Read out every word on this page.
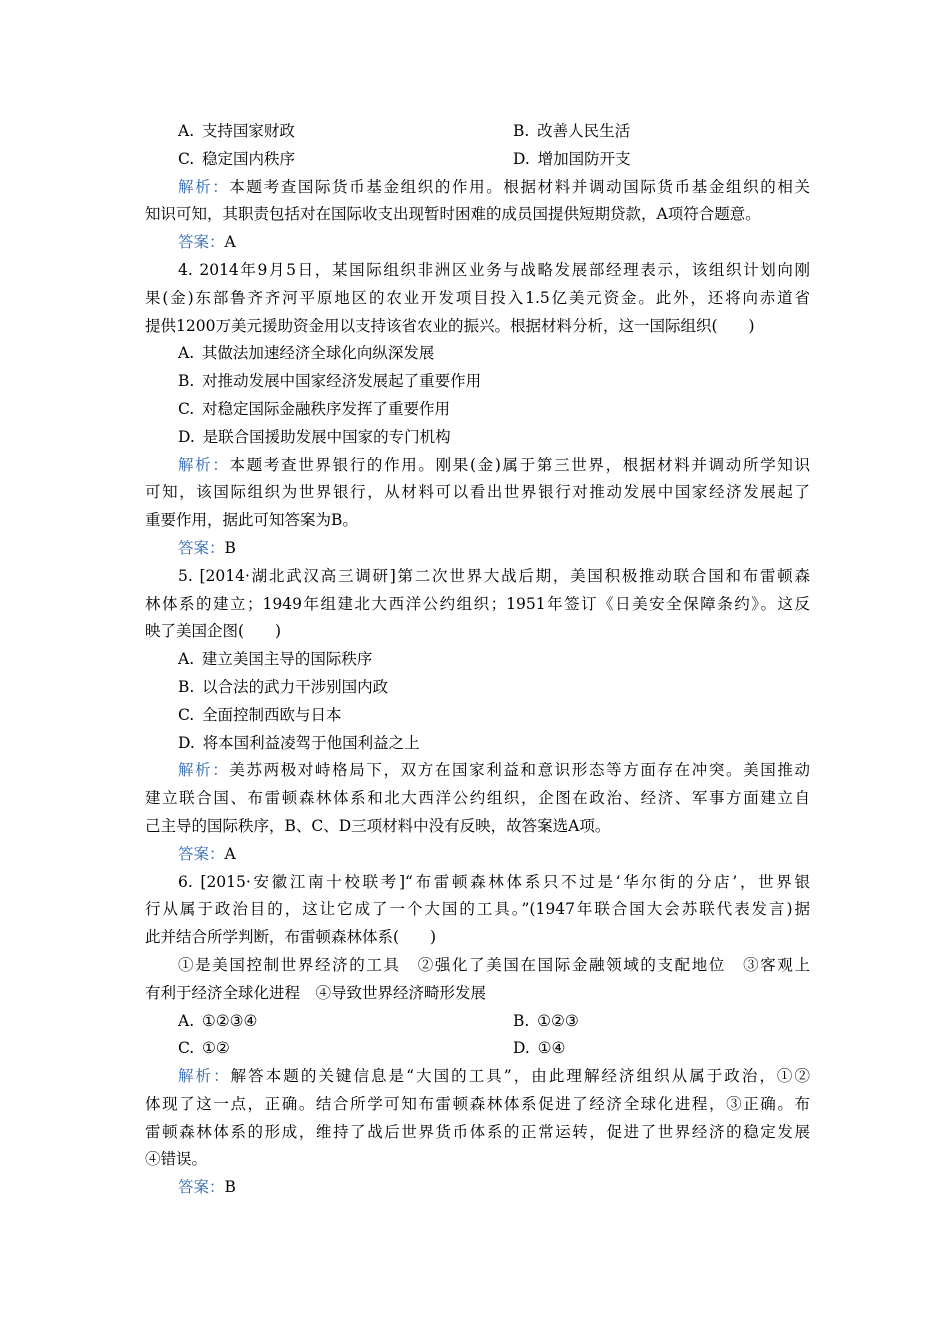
A.  支持国家财政	B.  改善人民生活
C.  稳定国内秩序	D.  增加国防开支
解析：本题考查国际货币基金组织的作用。根据材料并调动国际货币基金组织的相关
知识可知，其职责包括对在国际收支出现暂时困难的成员国提供短期贷款，A项符合题意。
答案：A
4. 2014年9月5日，某国际组织非洲区业务与战略发展部经理表示，该组织计划向刚
果(金)东部鲁齐齐河平原地区的农业开发项目投入1.5亿美元资金。此外，还将向赤道省
提供1200万美元援助资金用以支持该省农业的振兴。根据材料分析，这一国际组织(　　)
A.  其做法加速经济全球化向纵深发展
B.  对推动发展中国家经济发展起了重要作用
C.  对稳定国际金融秩序发挥了重要作用
D.  是联合国援助发展中国家的专门机构
解析：本题考查世界银行的作用。刚果(金)属于第三世界，根据材料并调动所学知识
可知，该国际组织为世界银行，从材料可以看出世界银行对推动发展中国家经济发展起了
重要作用，据此可知答案为B。
答案：B
5. [2014·湖北武汉高三调研]第二次世界大战后期，美国积极推动联合国和布雷顿森
林体系的建立；1949年组建北大西洋公约组织；1951年签订《日美安全保障条约》。这反
映了美国企图(　　)
A.  建立美国主导的国际秩序
B.  以合法的武力干涉别国内政
C.  全面控制西欧与日本
D.  将本国利益凌驾于他国利益之上
解析：美苏两极对峙格局下，双方在国家利益和意识形态等方面存在冲突。美国推动
建立联合国、布雷顿森林体系和北大西洋公约组织，企图在政治、经济、军事方面建立自
己主导的国际秩序，B、C、D三项材料中没有反映，故答案选A项。
答案：A
6. [2015·安徽江南十校联考]“布雷顿森林体系只不过是‘华尔街的分店’，世界银
行从属于政治目的，这让它成了一个大国的工具。”(1947年联合国大会苏联代表发言)据
此并结合所学判断，布雷顿森林体系(　　)
①是美国控制世界经济的工具　②强化了美国在国际金融领域的支配地位　③客观上
有利于经济全球化进程　④导致世界经济畸形发展
A.  ①②③④	B.  ①②③
C.  ①②	D.  ①④
解析：解答本题的关键信息是“大国的工具”，由此理解经济组织从属于政治，①②
体现了这一点，正确。结合所学可知布雷顿森林体系促进了经济全球化进程，③正确。布
雷顿森林体系的形成，维持了战后世界货币体系的正常运转，促进了世界经济的稳定发展
④错误。
答案：B
